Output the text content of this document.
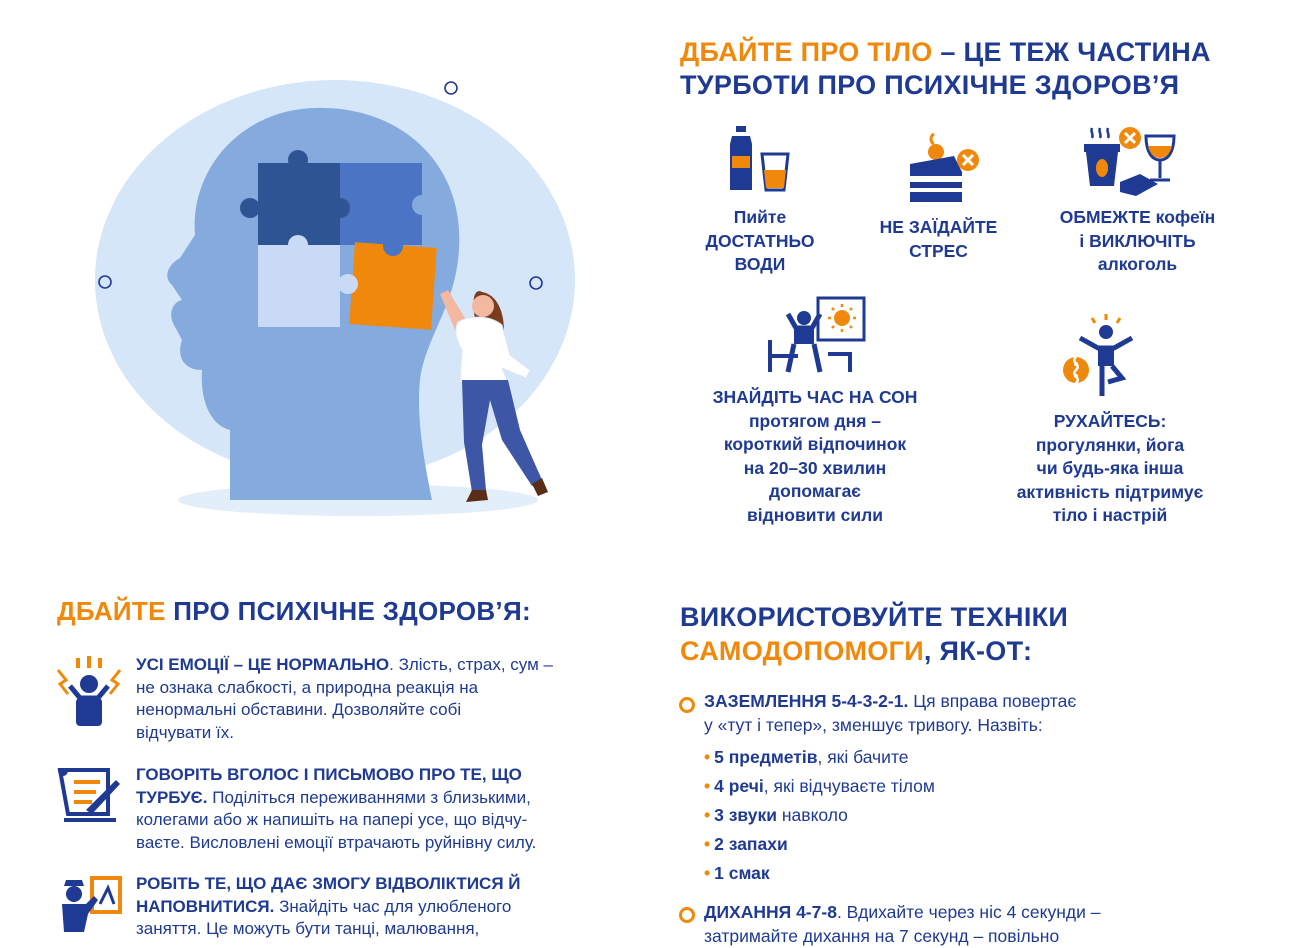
ДБАЙТЕ ПРО ТІЛО – ЦЕ ТЕЖ ЧАСТИНА
ТУРБОТИ ПРО ПСИХІЧНЕ ЗДОРОВ’Я
Пийте
ДОСТАТНЬО
ВОДИ
НЕ ЗАЇДАЙТЕ
СТРЕС
ОБМЕЖТЕ кофеїн
і ВИКЛЮЧІТЬ
алкоголь
ЗНАЙДІТЬ ЧАС НА СОН
протягом дня –
короткий відпочинок
на 20–30 хвилин
допомагає
відновити сили
РУХАЙТЕСЬ:
прогулянки, йога
чи будь-яка інша
активність підтримує
тіло і настрій
ДБАЙТЕ ПРО ПСИХІЧНЕ ЗДОРОВ’Я:
УСІ ЕМОЦІЇ – ЦЕ НОРМАЛЬНО. Злість, страх, сум –
не ознака слабкості, а природна реакція на
ненормальні обставини. Дозволяйте собі
відчувати їх.
ГОВОРІТЬ ВГОЛОС І ПИСЬМОВО ПРО ТЕ, ЩО
ТУРБУЄ. Поділіться переживаннями з близькими,
колегами або ж напишіть на папері усе, що відчу-
ваєте. Висловлені емоції втрачають руйнівну силу.
РОБІТЬ ТЕ, ЩО ДАЄ ЗМОГУ ВІДВОЛІКТИСЯ Й
НАПОВНИТИСЯ. Знайдіть час для улюбленого
заняття. Це можуть бути танці, малювання,
ВИКОРИСТОВУЙТЕ ТЕХНІКИ
САМОДОПОМОГИ, ЯК-ОТ:
ЗАЗЕМЛЕННЯ 5-4-3-2-1. Ця вправа повертає
у «тут і тепер», зменшує тривогу. Назвіть:
• 5 предметів, які бачите
• 4 речі, які відчуваєте тілом
• 3 звуки навколо
• 2 запахи
• 1 смак
ДИХАННЯ 4-7-8. Вдихайте через ніс 4 секунди –
затримайте дихання на 7 секунд – повільно
